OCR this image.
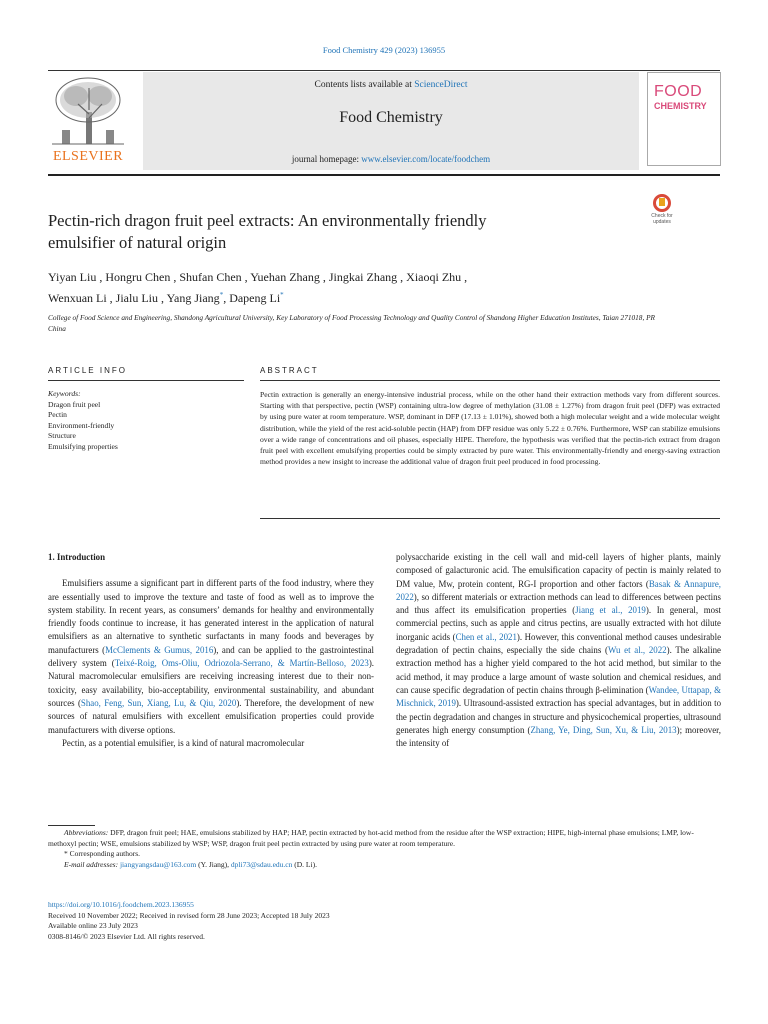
Food Chemistry 429 (2023) 136955
ELSEVIER
Contents lists available at ScienceDirect
Food Chemistry
journal homepage: www.elsevier.com/locate/foodchem
FOOD
CHEMISTRY
Pectin-rich dragon fruit peel extracts: An environmentally friendly
emulsifier of natural origin
Check for updates
Yiyan Liu , Hongru Chen , Shufan Chen , Yuehan Zhang , Jingkai Zhang , Xiaoqi Zhu ,
Wenxuan Li , Jialu Liu , Yang Jiang*, Dapeng Li*
College of Food Science and Engineering, Shandong Agricultural University, Key Laboratory of Food Processing Technology and Quality Control of Shandong Higher Education Institutes, Taian 271018, PR China
ARTICLE INFO	ABSTRACT
Keywords:
Dragon fruit peel
Pectin
Environment-friendly
Structure
Emulsifying properties
Pectin extraction is generally an energy-intensive industrial process, while on the other hand their extraction methods vary from different sources. Starting with that perspective, pectin (WSP) containing ultra-low degree of methylation (31.08 ± 1.27%) from dragon fruit peel (DFP) was extracted by using pure water at room temperature. WSP, dominant in DFP (17.13 ± 1.01%), showed both a high molecular weight and a wide molecular weight distribution, while the yield of the rest acid-soluble pectin (HAP) from DFP residue was only 5.22 ± 0.76%. Furthermore, WSP can stabilize emulsions over a wide range of concentrations and oil phases, especially HIPE. Therefore, the hypothesis was verified that the pectin-rich extract from dragon fruit peel with excellent emulsifying properties could be simply extracted by pure water. This environmentally-friendly and energy-saving extraction method provides a new insight to increase the additional value of dragon fruit peel produced in food processing.

1. Introduction

Emulsifiers assume a significant part in different parts of the food industry, where they are essentially used to improve the texture and taste of food as well as to improve the system stability. In recent years, as consumers’ demands for healthy and environmentally friendly foods continue to increase, it has generated interest in the application of natural emulsifiers as an alternative to synthetic surfactants in many foods and beverages by manufacturers (McClements & Gumus, 2016), and can be applied to the gastrointestinal delivery system (Teixé-Roig, Oms-Oliu, Odriozola-Serrano, & Martín-Belloso, 2023). Natural macromolecular emulsifiers are receiving increasing interest due to their non-toxicity, easy availability, bio-acceptability, environmental sustainability, and abundant sources (Shao, Feng, Sun, Xiang, Lu, & Qiu, 2020). Therefore, the development of new sources of natural emulsifiers with excellent emulsification properties could provide manufacturers with diverse options.

Pectin, as a potential emulsifier, is a kind of natural macromolecular

polysaccharide existing in the cell wall and mid-cell layers of higher plants, mainly composed of galacturonic acid. The emulsification capacity of pectin is mainly related to DM value, Mw, protein content, RG-I proportion and other factors (Basak & Annapure, 2022), so different materials or extraction methods can lead to differences between pectins and thus affect its emulsification properties (Jiang et al., 2019). In general, most commercial pectins, such as apple and citrus pectins, are usually extracted with hot dilute inorganic acids (Chen et al., 2021). However, this conventional method causes undesirable degradation of pectin chains, especially the side chains (Wu et al., 2022). The alkaline extraction method has a higher yield compared to the hot acid method, but similar to the acid method, it may produce a large amount of waste solution and chemical residues, and can cause specific degradation of pectin chains through β-elimination (Wandee, Uttapap, & Mischnick, 2019). Ultrasound-assisted extraction has special advantages, but in addition to the pectin degradation and changes in structure and physicochemical properties, ultrasound generates high energy consumption (Zhang, Ye, Ding, Sun, Xu, & Liu, 2013); moreover, the intensity of

Abbreviations: DFP, dragon fruit peel; HAE, emulsions stabilized by HAP; HAP, pectin extracted by hot-acid method from the residue after the WSP extraction; HIPE, high-internal phase emulsions; LMP, low-methoxyl pectin; WSE, emulsions stabilized by WSP; WSP, dragon fruit peel pectin extracted by using pure water at room temperature.

* Corresponding authors.

E-mail addresses: jiangyangsdau@163.com (Y. Jiang), dpli73@sdau.edu.cn (D. Li).

https://doi.org/10.1016/j.foodchem.2023.136955

Received 10 November 2022; Received in revised form 28 June 2023; Accepted 18 July 2023

Available online 23 July 2023

0308-8146/© 2023 Elsevier Ltd. All rights reserved.
